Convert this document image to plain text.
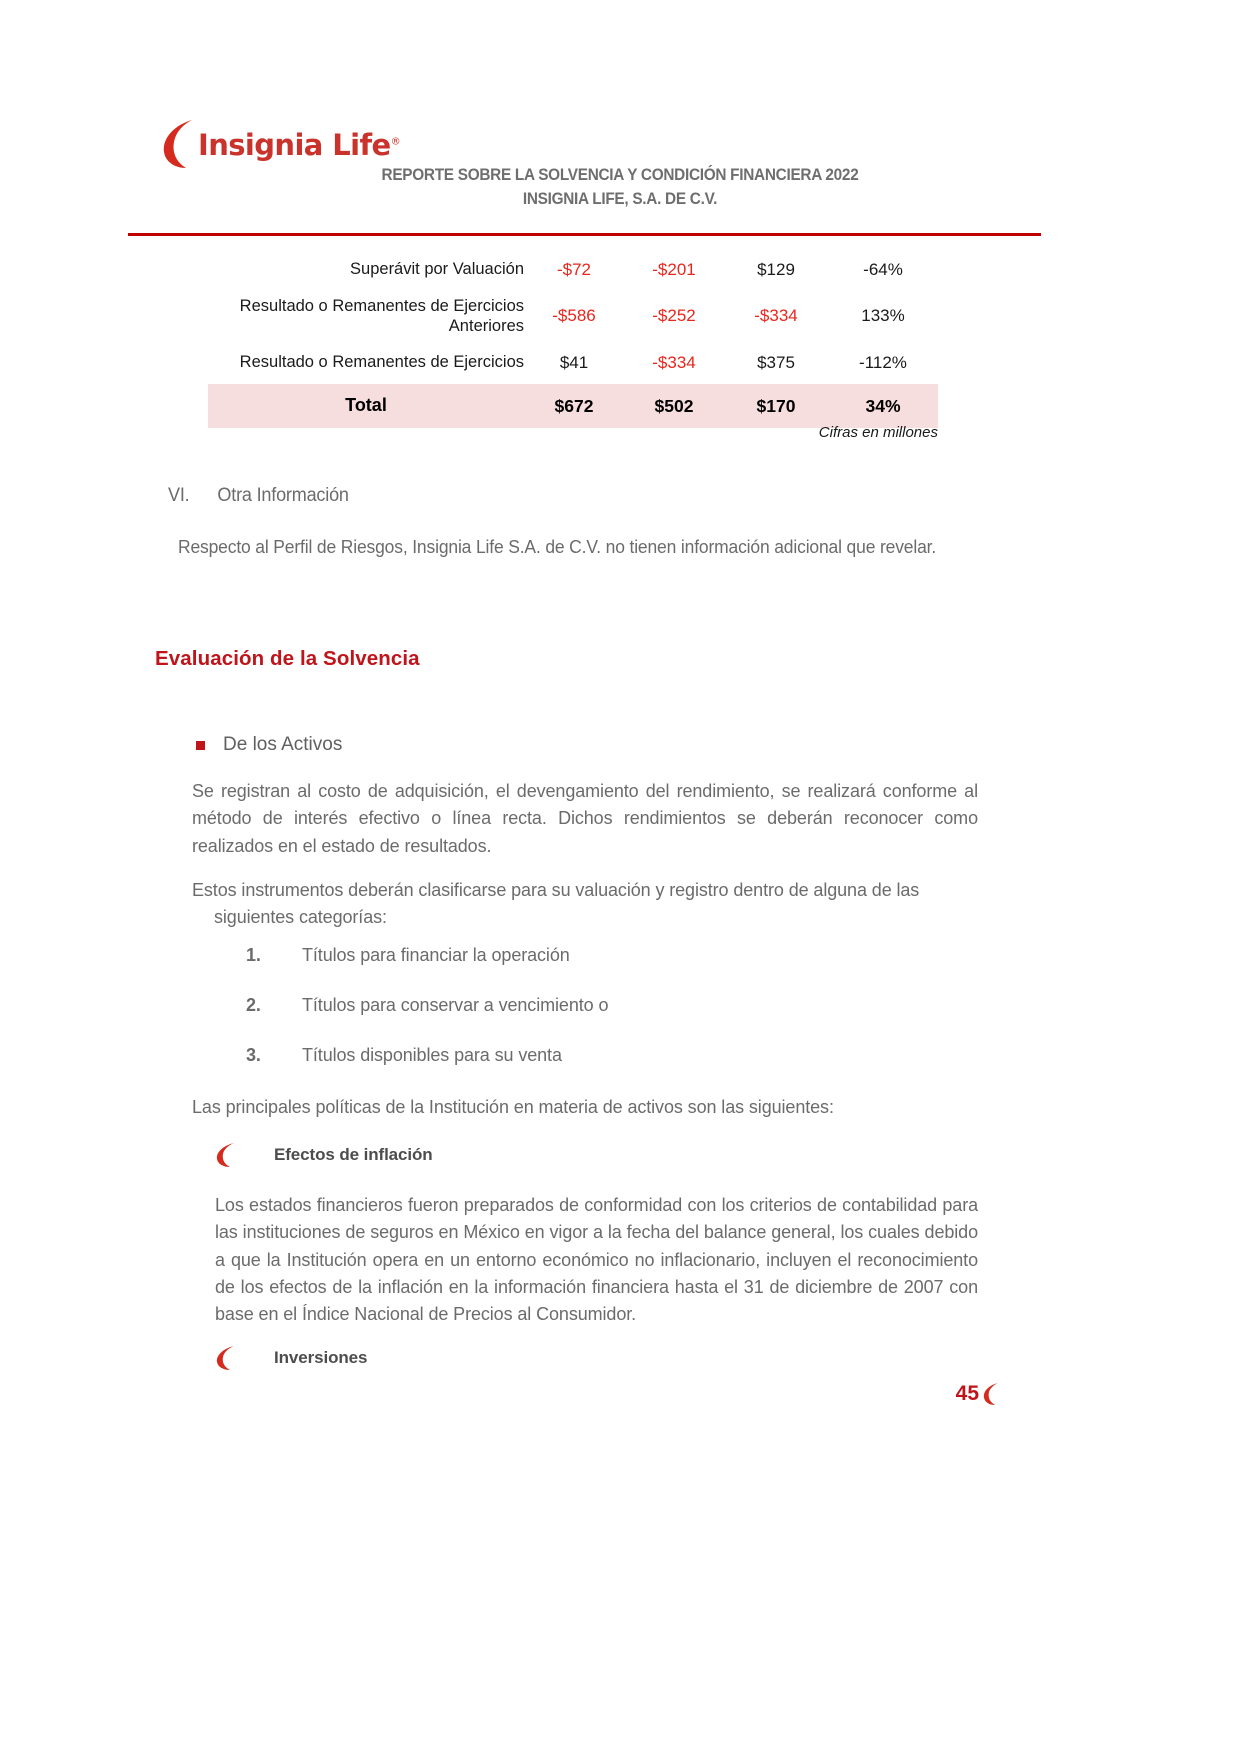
Insignia Life®
REPORTE SOBRE LA SOLVENCIA Y CONDICIÓN FINANCIERA 2022
INSIGNIA LIFE, S.A. DE C.V.
Superávit por Valuación	-$72	-$201	$129	-64%
Resultado o Remanentes de Ejercicios Anteriores	-$586	-$252	-$334	133%
Resultado o Remanentes de Ejercicios	$41	-$334	$375	-112%
Total	$672	$502	$170	34%
Cifras en millones
VI. Otra Información
Respecto al Perfil de Riesgos, Insignia Life S.A. de C.V. no tienen información adicional que revelar.
Evaluación de la Solvencia
De los Activos
Se registran al costo de adquisición, el devengamiento del rendimiento, se realizará conforme al método de interés efectivo o línea recta. Dichos rendimientos se deberán reconocer como realizados en el estado de resultados.
Estos instrumentos deberán clasificarse para su valuación y registro dentro de alguna de las
siguientes categorías:
1.	Títulos para financiar la operación
2.	Títulos para conservar a vencimiento o
3.	Títulos disponibles para su venta
Las principales políticas de la Institución en materia de activos son las siguientes:
Efectos de inflación
Los estados financieros fueron preparados de conformidad con los criterios de contabilidad para las instituciones de seguros en México en vigor a la fecha del balance general, los cuales debido a que la Institución opera en un entorno económico no inflacionario, incluyen el reconocimiento de los efectos de la inflación en la información financiera hasta el 31 de diciembre de 2007 con base en el Índice Nacional de Precios al Consumidor.
Inversiones
45
